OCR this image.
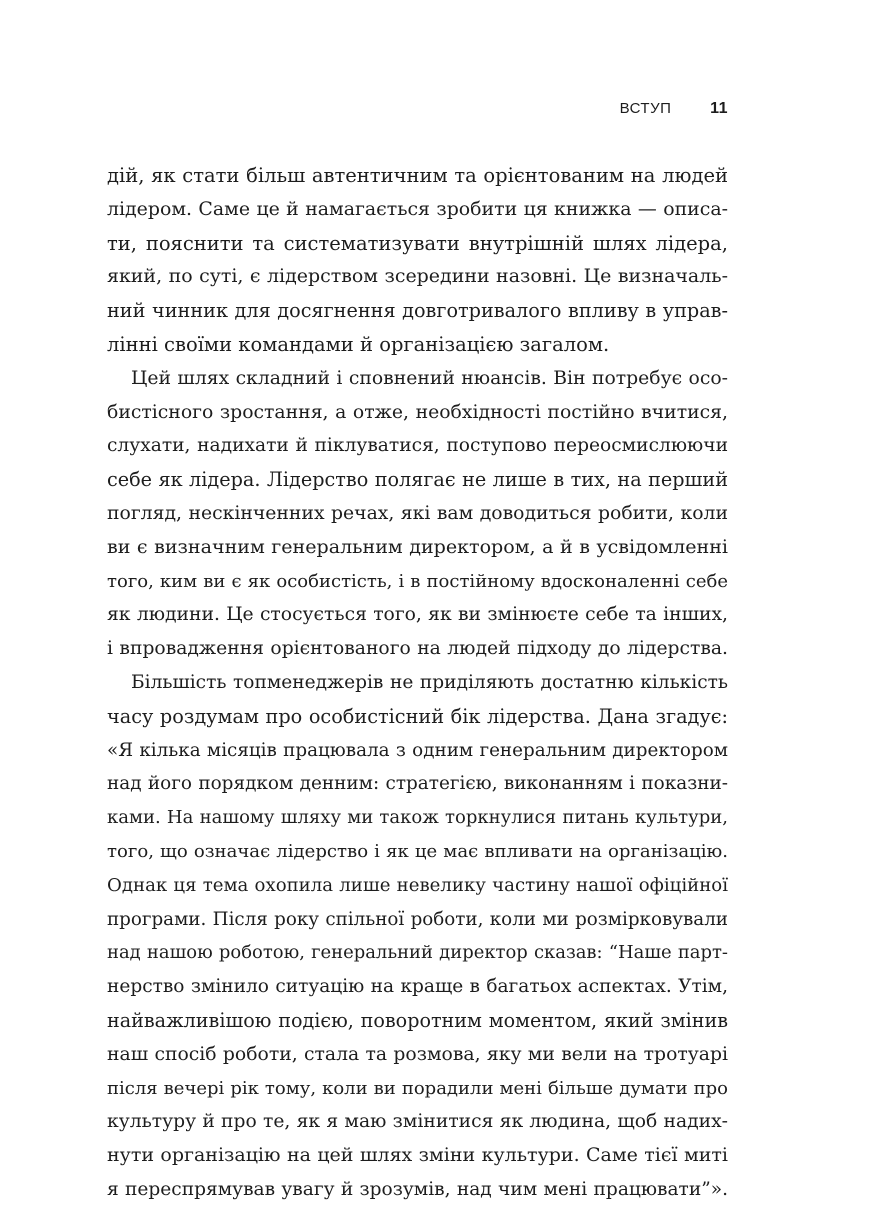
ВСТУП 11
дій, як стати більш автентичним та орієнтованим на людей
лідером. Саме це й намагається зробити ця книжка — описа-
ти, пояснити та систематизувати внутрішній шлях лідера,
який, по суті, є лідерством зсередини назовні. Це визначаль-
ний чинник для досягнення довготривалого впливу в управ-
лінні своїми командами й організацією загалом.
Цей шлях складний і сповнений нюансів. Він потребує осо-
бистісного зростання, а отже, необхідності постійно вчитися,
слухати, надихати й піклуватися, поступово переосмислюючи
себе як лідера. Лідерство полягає не лише в тих, на перший
погляд, нескінченних речах, які вам доводиться робити, коли
ви є визначним генеральним директором, а й в усвідомленні
того, ким ви є як особистість, і в постійному вдосконаленні себе
як людини. Це стосується того, як ви змінюєте себе та інших,
і впровадження орієнтованого на людей підходу до лідерства.
Більшість топменеджерів не приділяють достатню кількість
часу роздумам про особистісний бік лідерства. Дана згадує:
«Я кілька місяців працювала з одним генеральним директором
над його порядком денним: стратегією, виконанням і показни-
ками. На нашому шляху ми також торкнулися питань культури,
того, що означає лідерство і як це має впливати на організацію.
Однак ця тема охопила лише невелику частину нашої офіційної
програми. Після року спільної роботи, коли ми розмірковували
над нашою роботою, генеральний директор сказав: “Наше парт-
нерство змінило ситуацію на краще в багатьох аспектах. Утім,
найважливішою подією, поворотним моментом, який змінив
наш спосіб роботи, стала та розмова, яку ми вели на тротуарі
після вечері рік тому, коли ви порадили мені більше думати про
культуру й про те, як я маю змінитися як людина, щоб надих-
нути організацію на цей шлях зміни культури. Саме тієї миті
я переспрямував увагу й зрозумів, над чим мені працювати”».
